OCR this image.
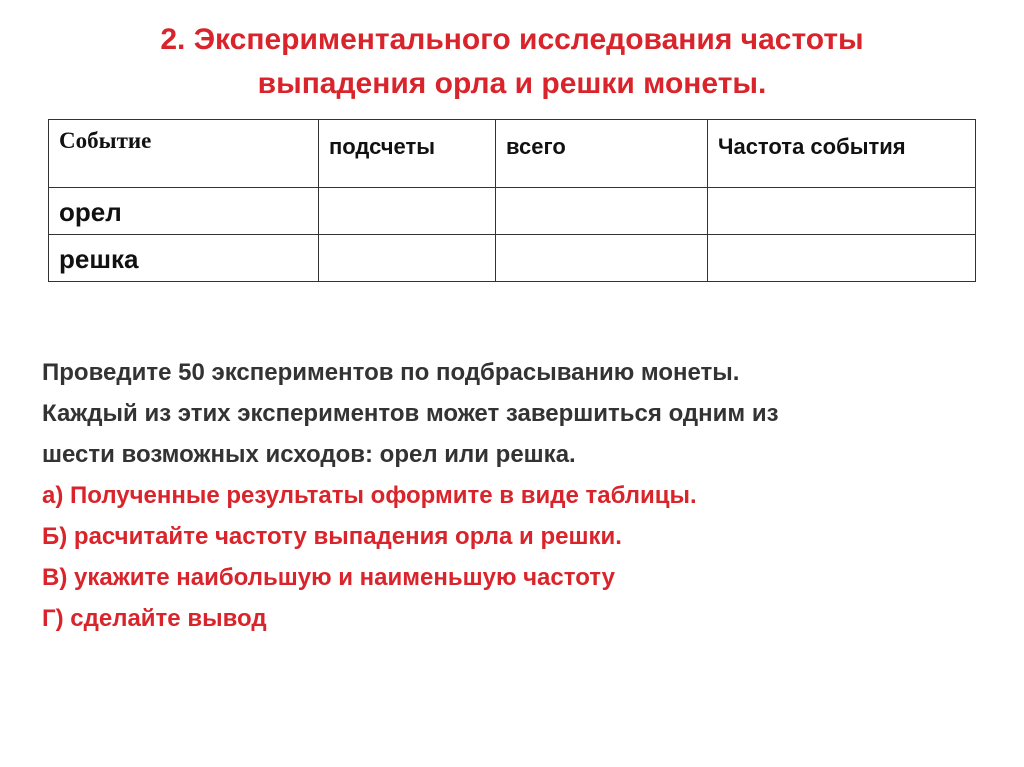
2. Экспериментального исследования частоты
выпадения орла и решки монеты.
Событие	подсчеты	всего	Частота события
орел			
решка			
Проведите 50 экспериментов по подбрасыванию монеты.
Каждый из этих экспериментов может завершиться одним из
шести возможных исходов: орел или решка.
а) Полученные результаты оформите в виде таблицы.
Б) расчитайте частоту выпадения орла и решки.
В) укажите наибольшую и наименьшую частоту
Г) сделайте вывод
